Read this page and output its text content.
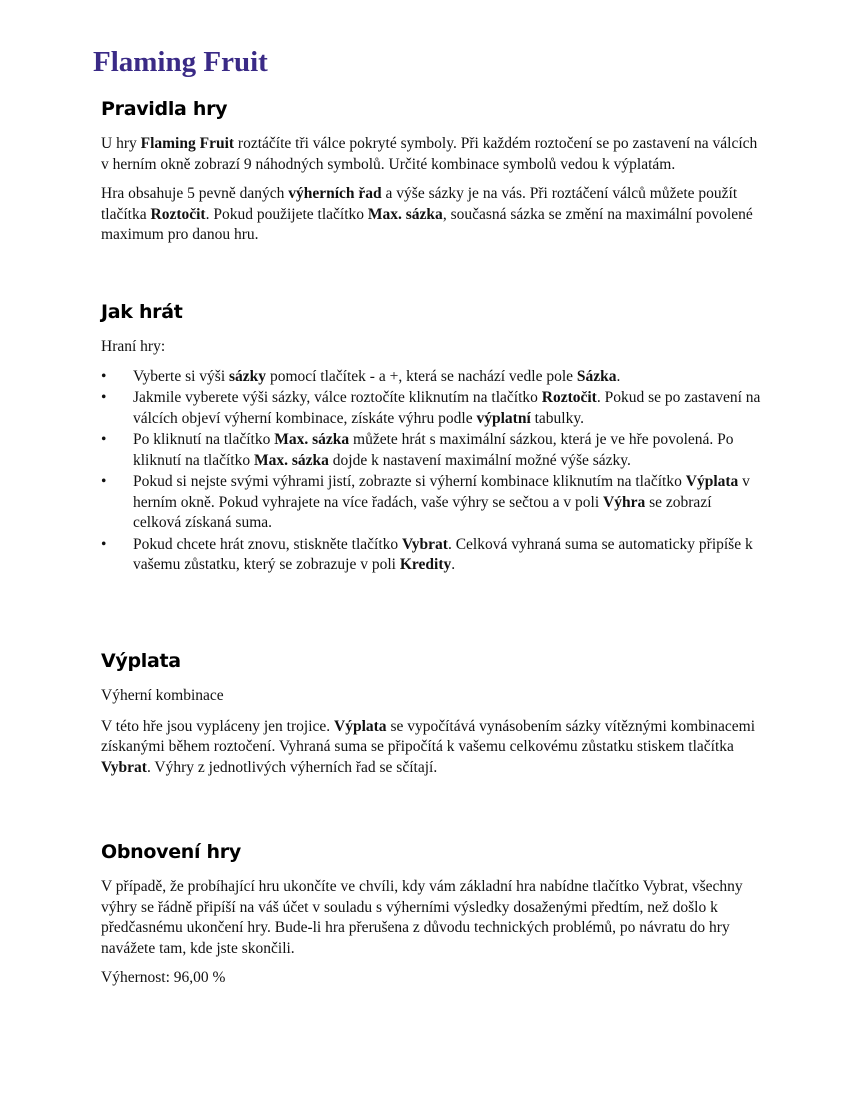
Flaming Fruit
Pravidla hry

U hry Flaming Fruit roztáčíte tři válce pokryté symboly. Při každém roztočení se po zastavení na válcích v herním okně zobrazí 9 náhodných symbolů. Určité kombinace symbolů vedou k výplatám.

Hra obsahuje 5 pevně daných výherních řad a výše sázky je na vás. Při roztáčení válců můžete použít tlačítka Roztočit. Pokud použijete tlačítko Max. sázka, současná sázka se změní na maximální povolené maximum pro danou hru.

Jak hrát

Hraní hry:

• Vyberte si výši sázky pomocí tlačítek - a +, která se nachází vedle pole Sázka.
• Jakmile vyberete výši sázky, válce roztočíte kliknutím na tlačítko Roztočit. Pokud se po zastavení na válcích objeví výherní kombinace, získáte výhru podle výplatní tabulky.
• Po kliknutí na tlačítko Max. sázka můžete hrát s maximální sázkou, která je ve hře povolená. Po kliknutí na tlačítko Max. sázka dojde k nastavení maximální možné výše sázky.
• Pokud si nejste svými výhrami jistí, zobrazte si výherní kombinace kliknutím na tlačítko Výplata v herním okně. Pokud vyhrajete na více řadách, vaše výhry se sečtou a v poli Výhra se zobrazí celková získaná suma.
• Pokud chcete hrát znovu, stiskněte tlačítko Vybrat. Celková vyhraná suma se automaticky připíše k vašemu zůstatku, který se zobrazuje v poli Kredity.
Výplata

Výherní kombinace

V této hře jsou vypláceny jen trojice. Výplata se vypočítává vynásobením sázky vítěznými kombinacemi získanými během roztočení. Vyhraná suma se připočítá k vašemu celkovému zůstatku stiskem tlačítka Vybrat. Výhry z jednotlivých výherních řad se sčítají.

Obnovení hry

V případě, že probíhající hru ukončíte ve chvíli, kdy vám základní hra nabídne tlačítko Vybrat, všechny výhry se řádně připíší na váš účet v souladu s výherními výsledky dosaženými předtím, než došlo k předčasnému ukončení hry. Bude-li hra přerušena z důvodu technických problémů, po návratu do hry navážete tam, kde jste skončili.

Výhernost: 96,00 %
